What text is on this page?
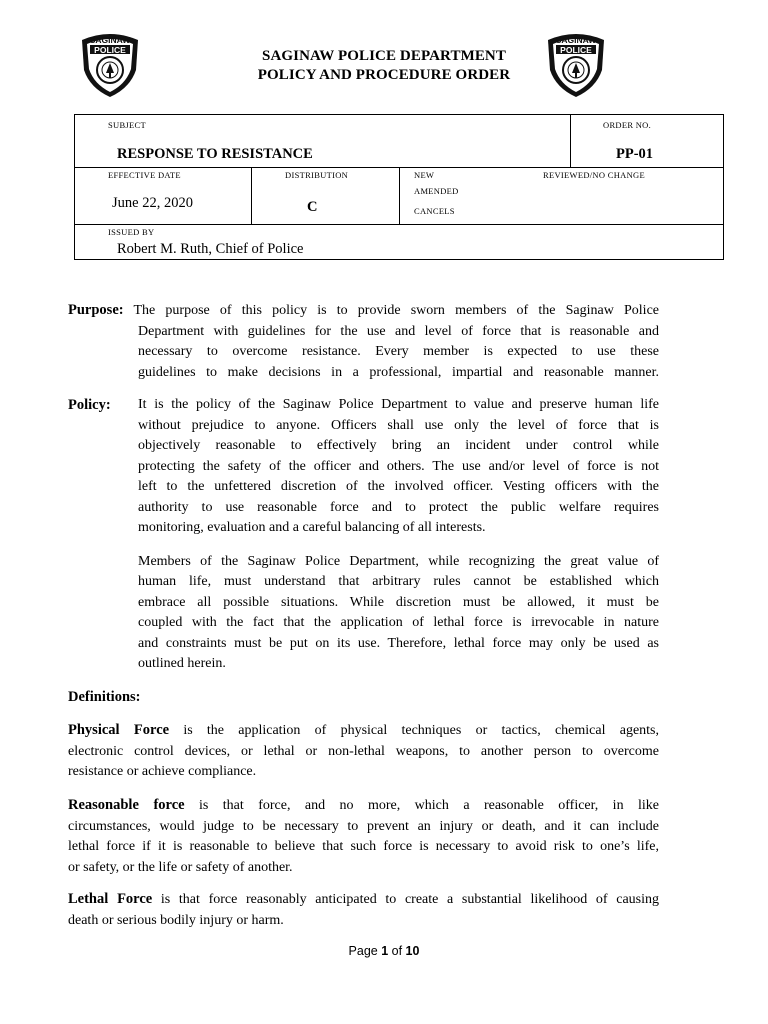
SAGINAW
POLICE
SAGINAW
POLICE
SAGINAW POLICE DEPARTMENT
POLICY AND PROCEDURE ORDER
SUBJECT
RESPONSE TO RESISTANCE
ORDER NO.
PP-01
EFFECTIVE DATE
June 22, 2020
DISTRIBUTION
C
NEW
AMENDED
CANCELS
REVIEWED/NO CHANGE
ISSUED BY
Robert M. Ruth, Chief of Police
Purpose: The purpose of this policy is to provide sworn members of the Saginaw Police
Department with guidelines for the use and level of force that is reasonable and
necessary to overcome resistance. Every member is expected to use these
guidelines to make decisions in a professional, impartial and reasonable manner.
Policy: It is the policy of the Saginaw Police Department to value and preserve human life
without prejudice to anyone. Officers shall use only the level of force that is
objectively reasonable to effectively bring an incident under control while
protecting the safety of the officer and others. The use and/or level of force is not
left to the unfettered discretion of the involved officer. Vesting officers with the
authority to use reasonable force and to protect the public welfare requires
monitoring, evaluation and a careful balancing of all interests.
Members of the Saginaw Police Department, while recognizing the great value of
human life, must understand that arbitrary rules cannot be established which
embrace all possible situations. While discretion must be allowed, it must be
coupled with the fact that the application of lethal force is irrevocable in nature
and constraints must be put on its use. Therefore, lethal force may only be used as
outlined herein.
Definitions:
Physical Force is the application of physical techniques or tactics, chemical agents,
electronic control devices, or lethal or non-lethal weapons, to another person to overcome
resistance or achieve compliance.
Reasonable force is that force, and no more, which a reasonable officer, in like
circumstances, would judge to be necessary to prevent an injury or death, and it can include
lethal force if it is reasonable to believe that such force is necessary to avoid risk to one’s life,
or safety, or the life or safety of another.
Lethal Force is that force reasonably anticipated to create a substantial likelihood of causing
death or serious bodily injury or harm.
Page 1 of 10
